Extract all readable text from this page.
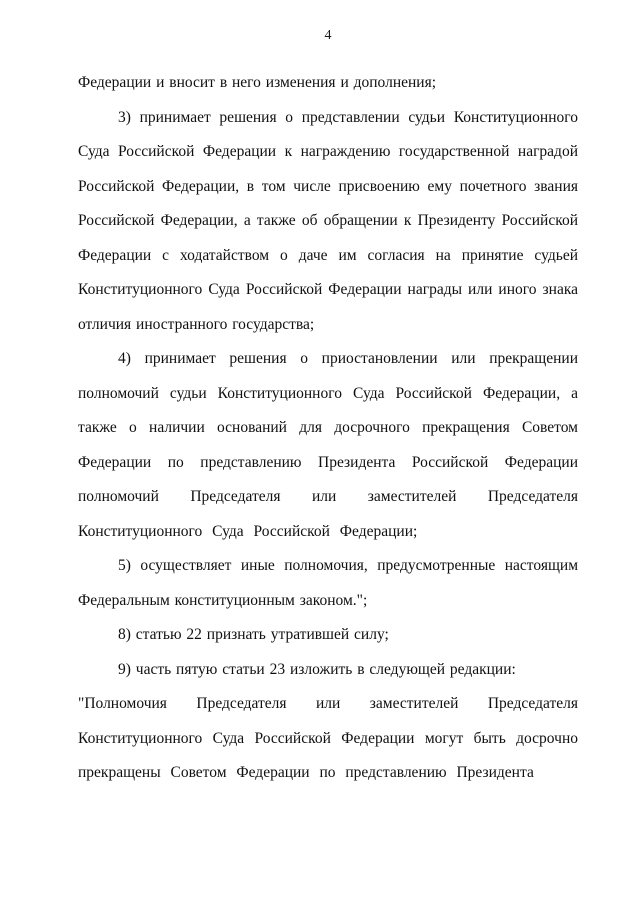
4

Федерации и вносит в него изменения и дополнения;

3) принимает решения о представлении судьи Конституционного Суда Российской Федерации к награждению государственной наградой Российской Федерации, в том числе присвоению ему почетного звания Российской Федерации, а также об обращении к Президенту Российской Федерации с ходатайством о даче им согласия на принятие судьей Конституционного Суда Российской Федерации награды или иного знака отличия иностранного государства;

4) принимает решения о приостановлении или прекращении полномочий судьи Конституционного Суда Российской Федерации, а также о наличии оснований для досрочного прекращения Советом Федерации по представлению Президента Российской Федерации полномочий Председателя или заместителей Председателя Конституционного Суда Российской Федерации;

5) осуществляет иные полномочия, предусмотренные настоящим Федеральным конституционным законом.";

8) статью 22 признать утратившей силу;

9) часть пятую статьи 23 изложить в следующей редакции:

"Полномочия Председателя или заместителей Председателя Конституционного Суда Российской Федерации могут быть досрочно прекращены Советом Федерации по представлению Президента
